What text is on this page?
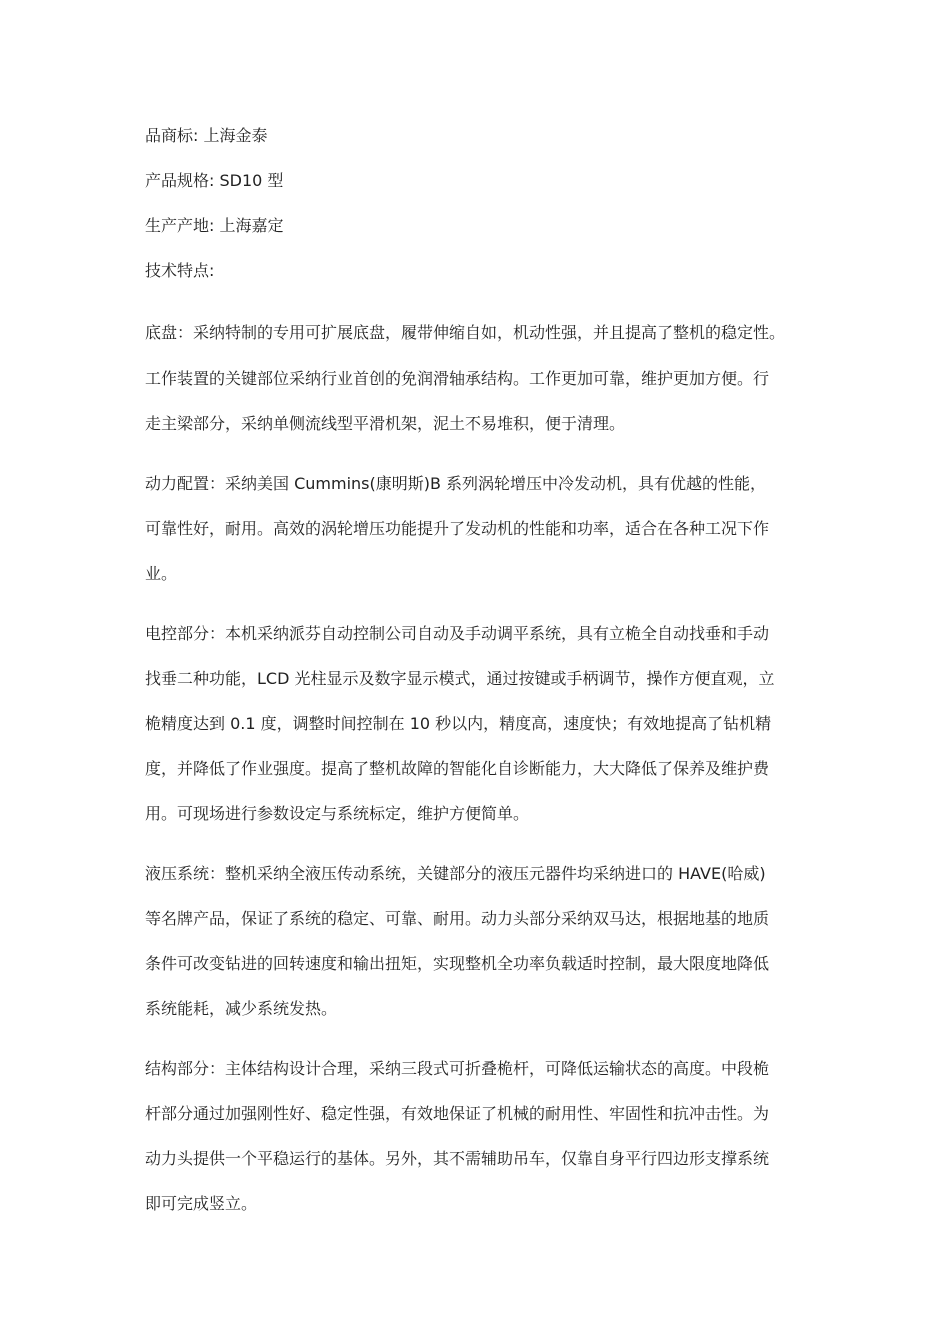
品商标: 上海金泰

产品规格: SD10 型

生产产地: 上海嘉定

技术特点:

底盘：采纳特制的专用可扩展底盘，履带伸缩自如，机动性强，并且提高了整机的稳定性。

工作装置的关键部位采纳行业首创的免润滑轴承结构。工作更加可靠，维护更加方便。行

走主梁部分，采纳单侧流线型平滑机架，泥土不易堆积，便于清理。

动力配置：采纳美国 Cummins(康明斯)B 系列涡轮增压中冷发动机，具有优越的性能，

可靠性好，耐用。高效的涡轮增压功能提升了发动机的性能和功率，适合在各种工况下作

业。

电控部分：本机采纳派芬自动控制公司自动及手动调平系统，具有立桅全自动找垂和手动

找垂二种功能，LCD 光柱显示及数字显示模式，通过按键或手柄调节，操作方便直观，立

桅精度达到 0.1 度，调整时间控制在 10 秒以内，精度高，速度快；有效地提高了钻机精

度，并降低了作业强度。提高了整机故障的智能化自诊断能力，大大降低了保养及维护费

用。可现场进行参数设定与系统标定，维护方便简单。

液压系统：整机采纳全液压传动系统，关键部分的液压元器件均采纳进口的 HAVE(哈威)

等名牌产品，保证了系统的稳定、可靠、耐用。动力头部分采纳双马达，根据地基的地质

条件可改变钻进的回转速度和输出扭矩，实现整机全功率负载适时控制，最大限度地降低

系统能耗，减少系统发热。

结构部分：主体结构设计合理，采纳三段式可折叠桅杆，可降低运输状态的高度。中段桅

杆部分通过加强刚性好、稳定性强，有效地保证了机械的耐用性、牢固性和抗冲击性。为

动力头提供一个平稳运行的基体。另外，其不需辅助吊车，仅靠自身平行四边形支撑系统

即可完成竖立。
